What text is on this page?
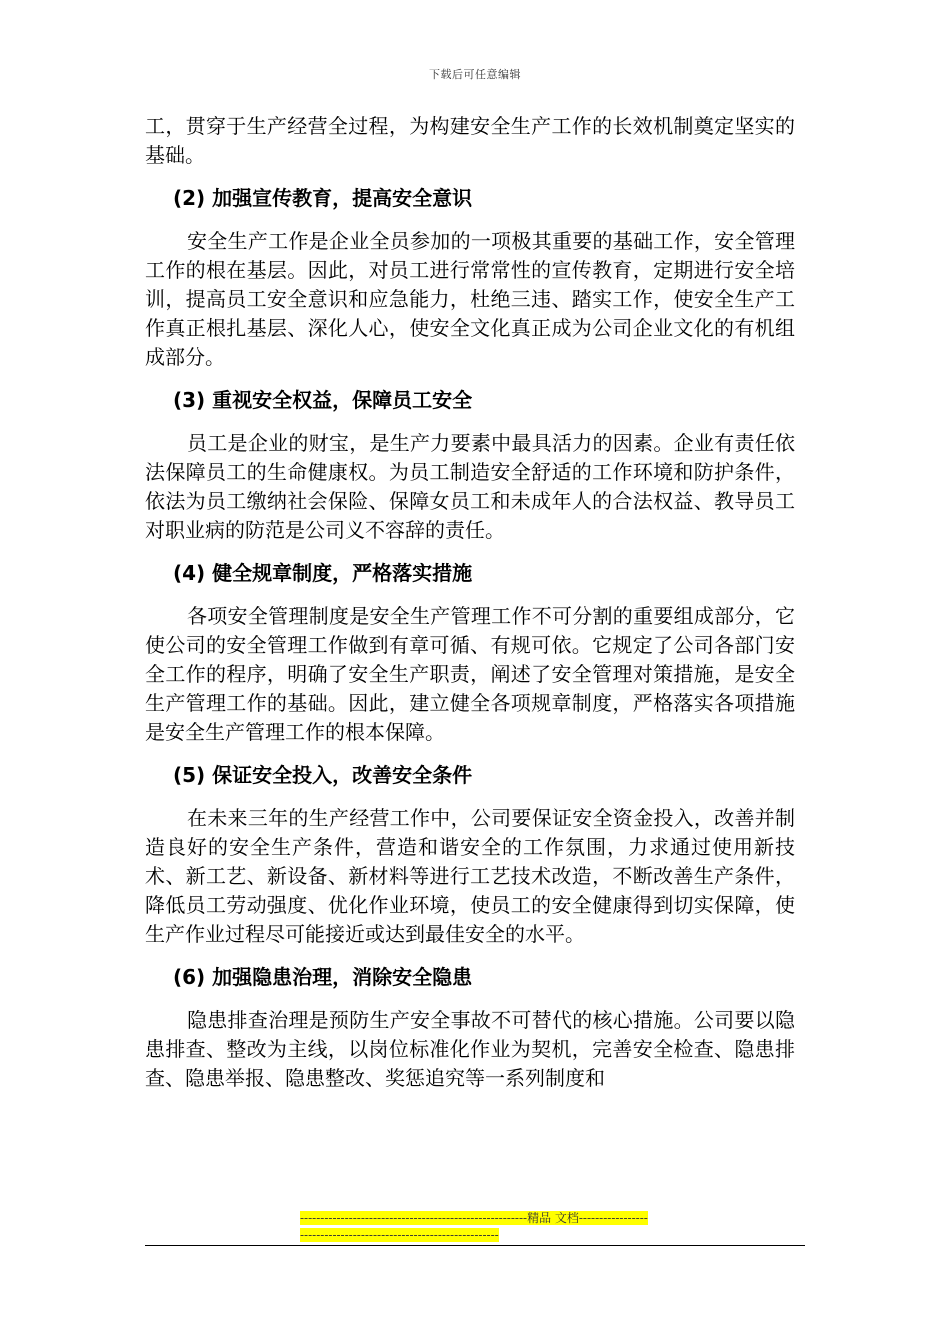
下载后可任意编辑

工，贯穿于生产经营全过程，为构建安全生产工作的长效机制奠定坚实的基础。

(2) 加强宣传教育，提高安全意识

安全生产工作是企业全员参加的一项极其重要的基础工作，安全管理工作的根在基层。因此，对员工进行常常性的宣传教育，定期进行安全培训，提高员工安全意识和应急能力，杜绝三违、踏实工作，使安全生产工作真正根扎基层、深化人心，使安全文化真正成为公司企业文化的有机组成部分。

(3) 重视安全权益，保障员工安全

员工是企业的财宝，是生产力要素中最具活力的因素。企业有责任依法保障员工的生命健康权。为员工制造安全舒适的工作环境和防护条件，依法为员工缴纳社会保险、保障女员工和未成年人的合法权益、教导员工对职业病的防范是公司义不容辞的责任。

(4) 健全规章制度，严格落实措施

各项安全管理制度是安全生产管理工作不可分割的重要组成部分，它使公司的安全管理工作做到有章可循、有规可依。它规定了公司各部门安全工作的程序，明确了安全生产职责，阐述了安全管理对策措施，是安全生产管理工作的基础。因此，建立健全各项规章制度，严格落实各项措施是安全生产管理工作的根本保障。

(5) 保证安全投入，改善安全条件

在未来三年的生产经营工作中，公司要保证安全资金投入，改善并制造良好的安全生产条件，营造和谐安全的工作氛围，力求通过使用新技术、新工艺、新设备、新材料等进行工艺技术改造，不断改善生产条件，降低员工劳动强度、优化作业环境，使员工的安全健康得到切实保障，使生产作业过程尽可能接近或达到最佳安全的水平。

(6) 加强隐患治理，消除安全隐患

隐患排查治理是预防生产安全事故不可替代的核心措施。公司要以隐患排查、整改为主线，以岗位标准化作业为契机，完善安全检查、隐患排查、隐患举报、隐患整改、奖惩追究等一系列制度和

--------------------------------------------------------精品 文档------------------------------------------------------------------
